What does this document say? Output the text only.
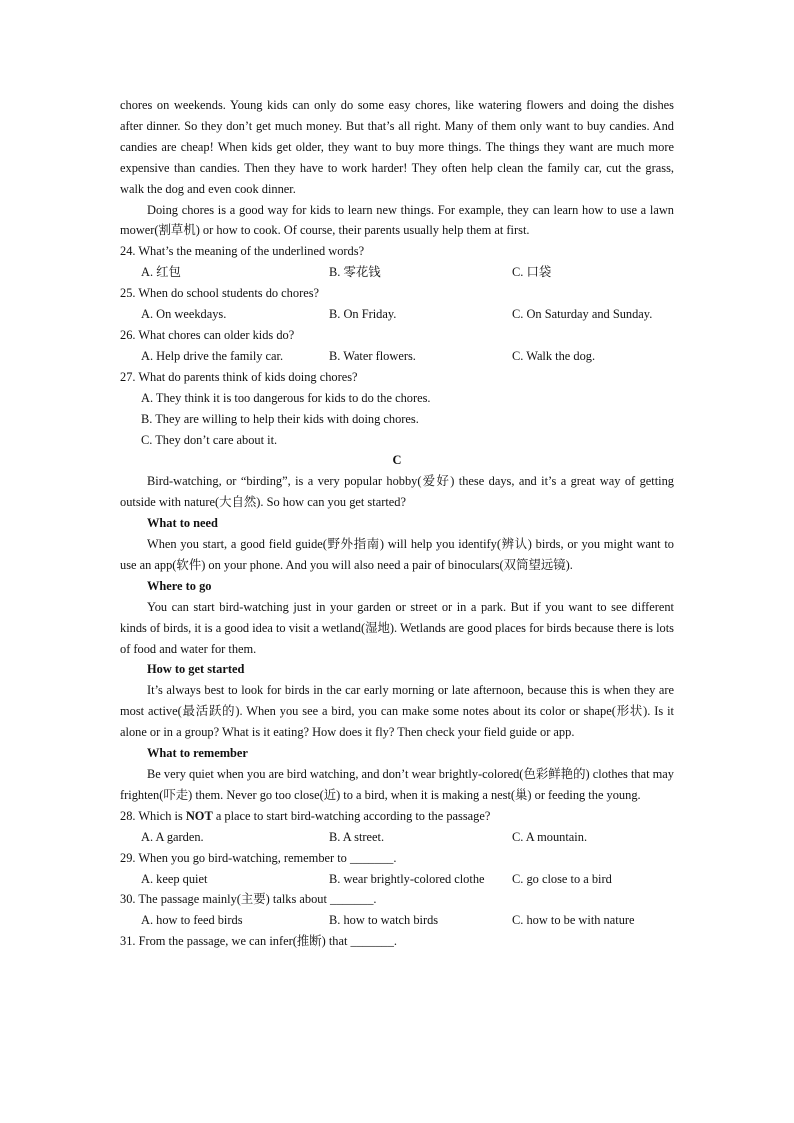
chores on weekends. Young kids can only do some easy chores, like watering flowers and doing the dishes after dinner. So they don’t get much money. But that’s all right. Many of them only want to buy candies. And candies are cheap! When kids get older, they want to buy more things. The things they want are much more expensive than candies. Then they have to work harder! They often help clean the family car, cut the grass, walk the dog and even cook dinner.

Doing chores is a good way for kids to learn new things. For example, they can learn how to use a lawn mower(割草机) or how to cook. Of course, their parents usually help them at first.

24. What’s the meaning of the underlined words?

A. 红包	B. 零花钱	C. 口袋

25. When do school students do chores?

A. On weekdays.	B. On Friday.	C. On Saturday and Sunday.

26. What chores can older kids do?

A. Help drive the family car.	B. Water flowers.	C. Walk the dog.

27. What do parents think of kids doing chores?

A. They think it is too dangerous for kids to do the chores.

B. They are willing to help their kids with doing chores.

C. They don’t care about it.

C

Bird-watching, or “birding”, is a very popular hobby(爱好) these days, and it’s a great way of getting outside with nature(大自然). So how can you get started?

What to need

When you start, a good field guide(野外指南) will help you identify(辨认) birds, or you might want to use an app(软件) on your phone. And you will also need a pair of binoculars(双筒望远镜).

Where to go

You can start bird-watching just in your garden or street or in a park. But if you want to see different kinds of birds, it is a good idea to visit a wetland(湿地). Wetlands are good places for birds because there is lots of food and water for them.

How to get started

It’s always best to look for birds in the car early morning or late afternoon, because this is when they are most active(最活跃的). When you see a bird, you can make some notes about its color or shape(形状). Is it alone or in a group? What is it eating? How does it fly? Then check your field guide or app.

What to remember

Be very quiet when you are bird watching, and don’t wear brightly-colored(色彩鲜艳的) clothes that may frighten(吓走) them. Never go too close(近) to a bird, when it is making a nest(巢) or feeding the young.

28. Which is NOT a place to start bird-watching according to the passage?

A. A garden.	B. A street.	C. A mountain.

29. When you go bird-watching, remember to _______.

A. keep quiet	B. wear brightly-colored clothe	C. go close to a bird

30. The passage mainly(主要) talks about _______.

A. how to feed birds	B. how to watch birds	C. how to be with nature

31. From the passage, we can infer(推断) that _______.
